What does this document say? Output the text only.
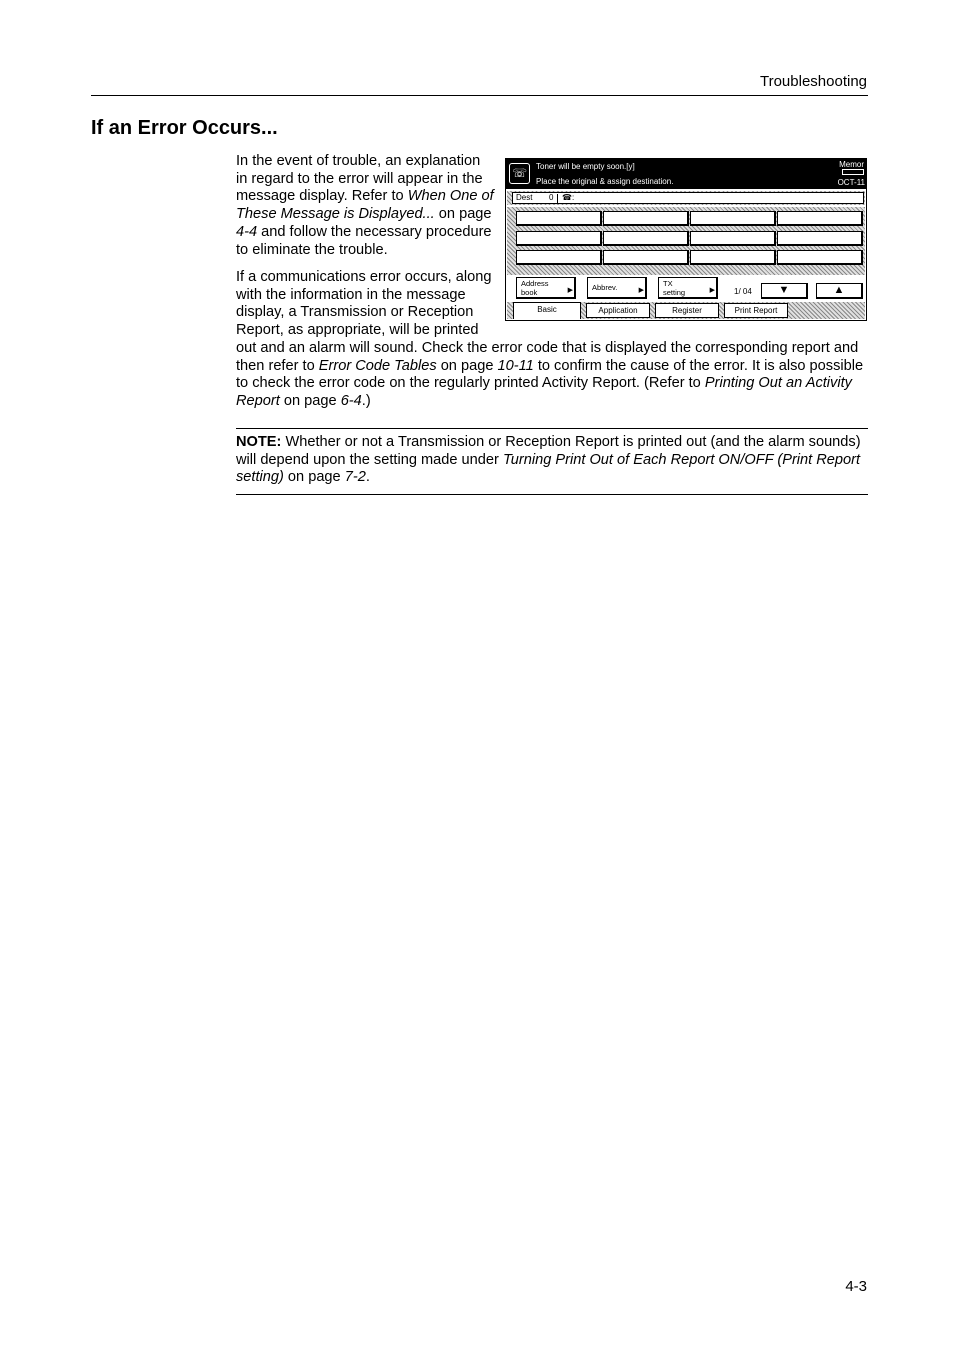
Troubleshooting
If an Error Occurs...

In the event of trouble, an explanation in regard to the error will appear in the message display. Refer to When One of These Message is Displayed... on page 4-4 and follow the necessary procedure to eliminate the trouble.

If a communications error occurs, along with the information in the message display, a Transmission or Reception Report, as appropriate, will be printed

out and an alarm will sound. Check the error code that is displayed the corresponding report and then refer to Error Code Tables on page 10-11 to confirm the cause of the error. It is also possible to check the error code on the regularly printed Activity Report. (Refer to Printing Out an Activity Report on page 6-4.)

NOTE: Whether or not a Transmission or Reception Report is printed out (and the alarm sounds) will depend upon the setting made under Turning Print Out of Each Report ON/OFF (Print Report setting) on page 7-2.
☏	Toner will be empty soon.[y]
Place the original & assign destination.
Memor
OCT-11
Dest 0 ☎:
Address
book	▶	Abbrev.	▶
TX
setting	▶ 1/ 04	▼	▲
Basic	Application	Register	Print Report
4-3
